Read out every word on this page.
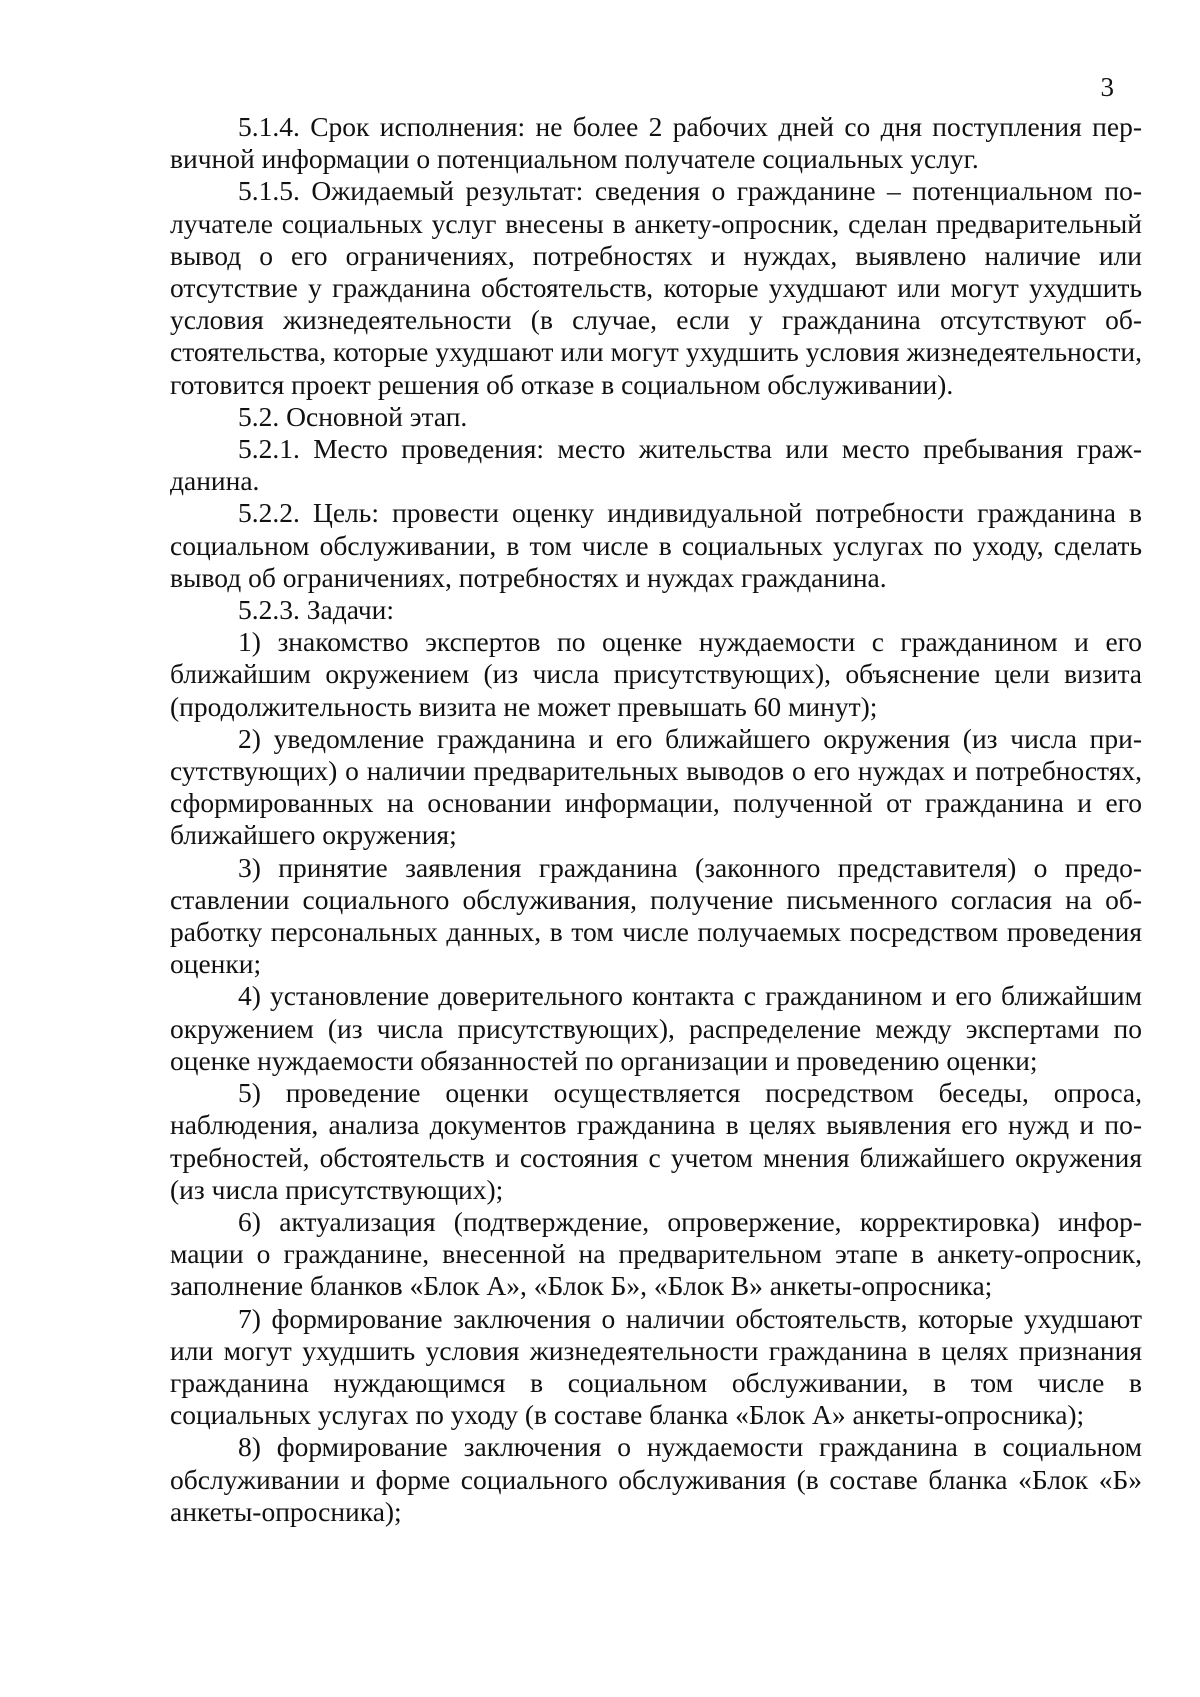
3

5.1.4. Срок исполнения: не более 2 рабочих дней со дня поступления первичной информации о потенциальном получателе социальных услуг.

5.1.5. Ожидаемый результат: сведения о гражданине – потенциальном получателе социальных услуг внесены в анкету-опросник, сделан предварительный вывод о его ограничениях, потребностях и нуждах, выявлено наличие или отсутствие у гражданина обстоятельств, которые ухудшают или могут ухудшить условия жизнедеятельности (в случае, если у гражданина отсутствуют обстоятельства, которые ухудшают или могут ухудшить условия жизнедеятельности, готовится проект решения об отказе в социальном обслуживании).

5.2. Основной этап.

5.2.1. Место проведения: место жительства или место пребывания гражданина.

5.2.2. Цель: провести оценку индивидуальной потребности гражданина в социальном обслуживании, в том числе в социальных услугах по уходу, сделать вывод об ограничениях, потребностях и нуждах гражданина.

5.2.3. Задачи:

1) знакомство экспертов по оценке нуждаемости с гражданином и его ближайшим окружением (из числа присутствующих), объяснение цели визита (продолжительность визита не может превышать 60 минут);

2) уведомление гражданина и его ближайшего окружения (из числа присутствующих) о наличии предварительных выводов о его нуждах и потребностях, сформированных на основании информации, полученной от гражданина и его ближайшего окружения;

3) принятие заявления гражданина (законного представителя) о предоставлении социального обслуживания, получение письменного согласия на обработку персональных данных, в том числе получаемых посредством проведения оценки;

4) установление доверительного контакта с гражданином и его ближайшим окружением (из числа присутствующих), распределение между экспертами по оценке нуждаемости обязанностей по организации и проведению оценки;

5) проведение оценки осуществляется посредством беседы, опроса, наблюдения, анализа документов гражданина в целях выявления его нужд и потребностей, обстоятельств и состояния с учетом мнения ближайшего окружения (из числа присутствующих);

6) актуализация (подтверждение, опровержение, корректировка) информации о гражданине, внесенной на предварительном этапе в анкету-опросник, заполнение бланков «Блок А», «Блок Б», «Блок В» анкеты-опросника;

7) формирование заключения о наличии обстоятельств, которые ухудшают или могут ухудшить условия жизнедеятельности гражданина в целях признания гражданина нуждающимся в социальном обслуживании, в том числе в социальных услугах по уходу (в составе бланка «Блок А» анкеты-опросника);

8) формирование заключения о нуждаемости гражданина в социальном обслуживании и форме социального обслуживания (в составе бланка «Блок «Б» анкеты-опросника);
